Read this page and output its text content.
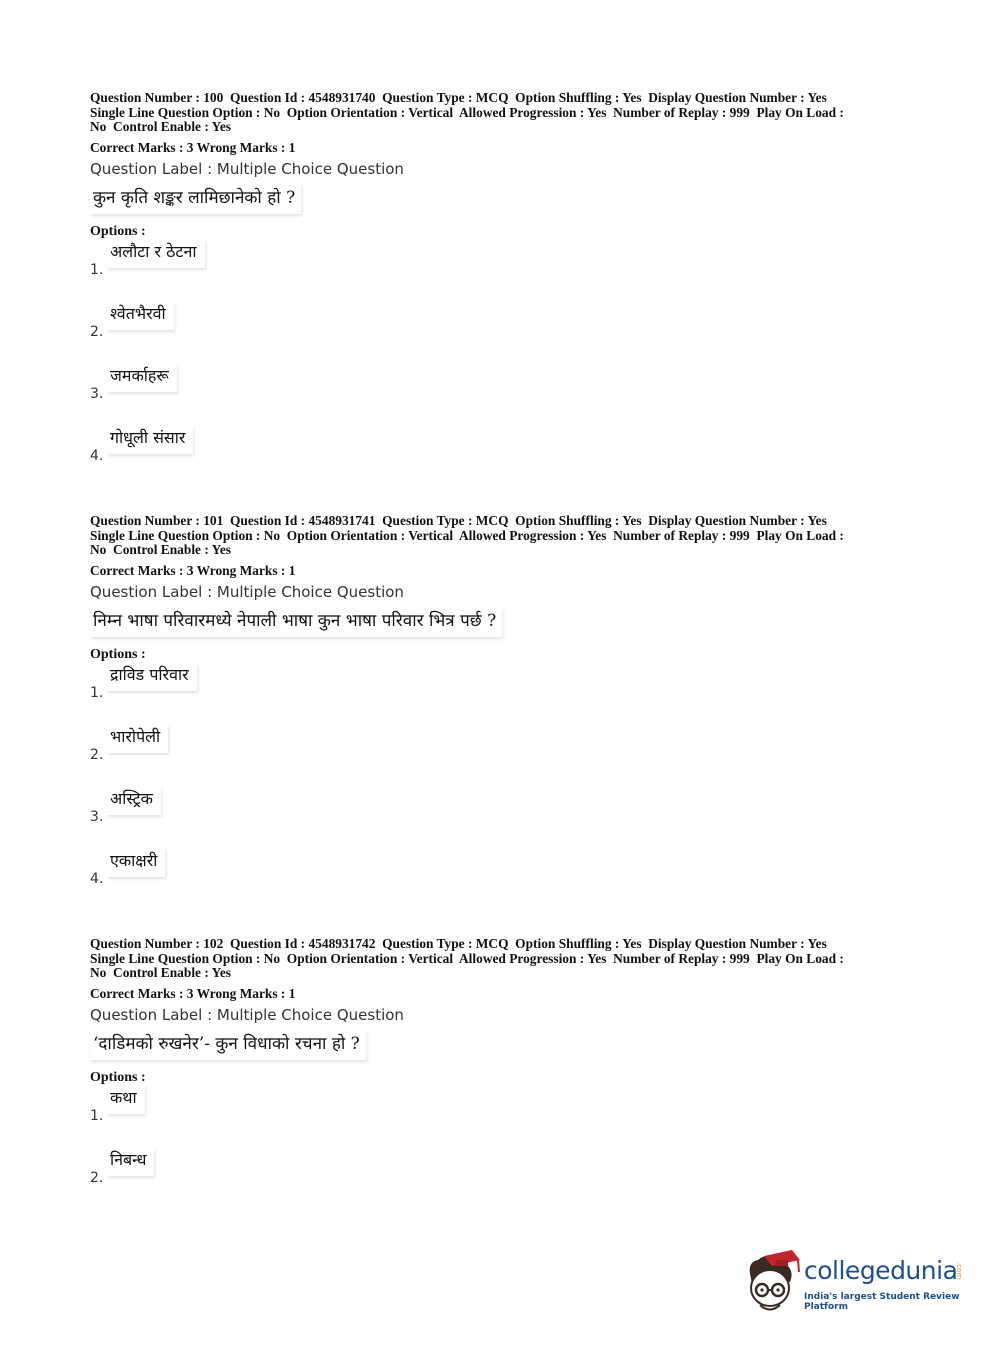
Question Number : 100  Question Id : 4548931740  Question Type : MCQ  Option Shuffling : Yes  Display Question Number : Yes
Single Line Question Option : No  Option Orientation : Vertical  Allowed Progression : Yes  Number of Replay : 999  Play On Load :
No  Control Enable : Yes

Correct Marks : 3 Wrong Marks : 1
Question Label : Multiple Choice Question
कुन कृति शङ्कर लामिछानेको हो ?
Options :
1.
अलौटा र ठेटना
2.
श्वेतभैरवी
3.
जमर्काहरू
4.
गोधूली संसार

Question Number : 101  Question Id : 4548931741  Question Type : MCQ  Option Shuffling : Yes  Display Question Number : Yes
Single Line Question Option : No  Option Orientation : Vertical  Allowed Progression : Yes  Number of Replay : 999  Play On Load :
No  Control Enable : Yes

Correct Marks : 3 Wrong Marks : 1
Question Label : Multiple Choice Question
निम्न भाषा परिवारमध्ये नेपाली भाषा कुन भाषा परिवार भित्र पर्छ ?
Options :
1.
द्राविड परिवार
2.
भारोपेली
3.
अस्ट्रिक
4.
एकाक्षरी

Question Number : 102  Question Id : 4548931742  Question Type : MCQ  Option Shuffling : Yes  Display Question Number : Yes
Single Line Question Option : No  Option Orientation : Vertical  Allowed Progression : Yes  Number of Replay : 999  Play On Load :
No  Control Enable : Yes

Correct Marks : 3 Wrong Marks : 1
Question Label : Multiple Choice Question
‘दाडिमको रुखनेर’- कुन विधाको रचना हो ?
Options :
1.
कथा
2.
निबन्ध
collegedunia
.com
India's largest Student Review Platform
